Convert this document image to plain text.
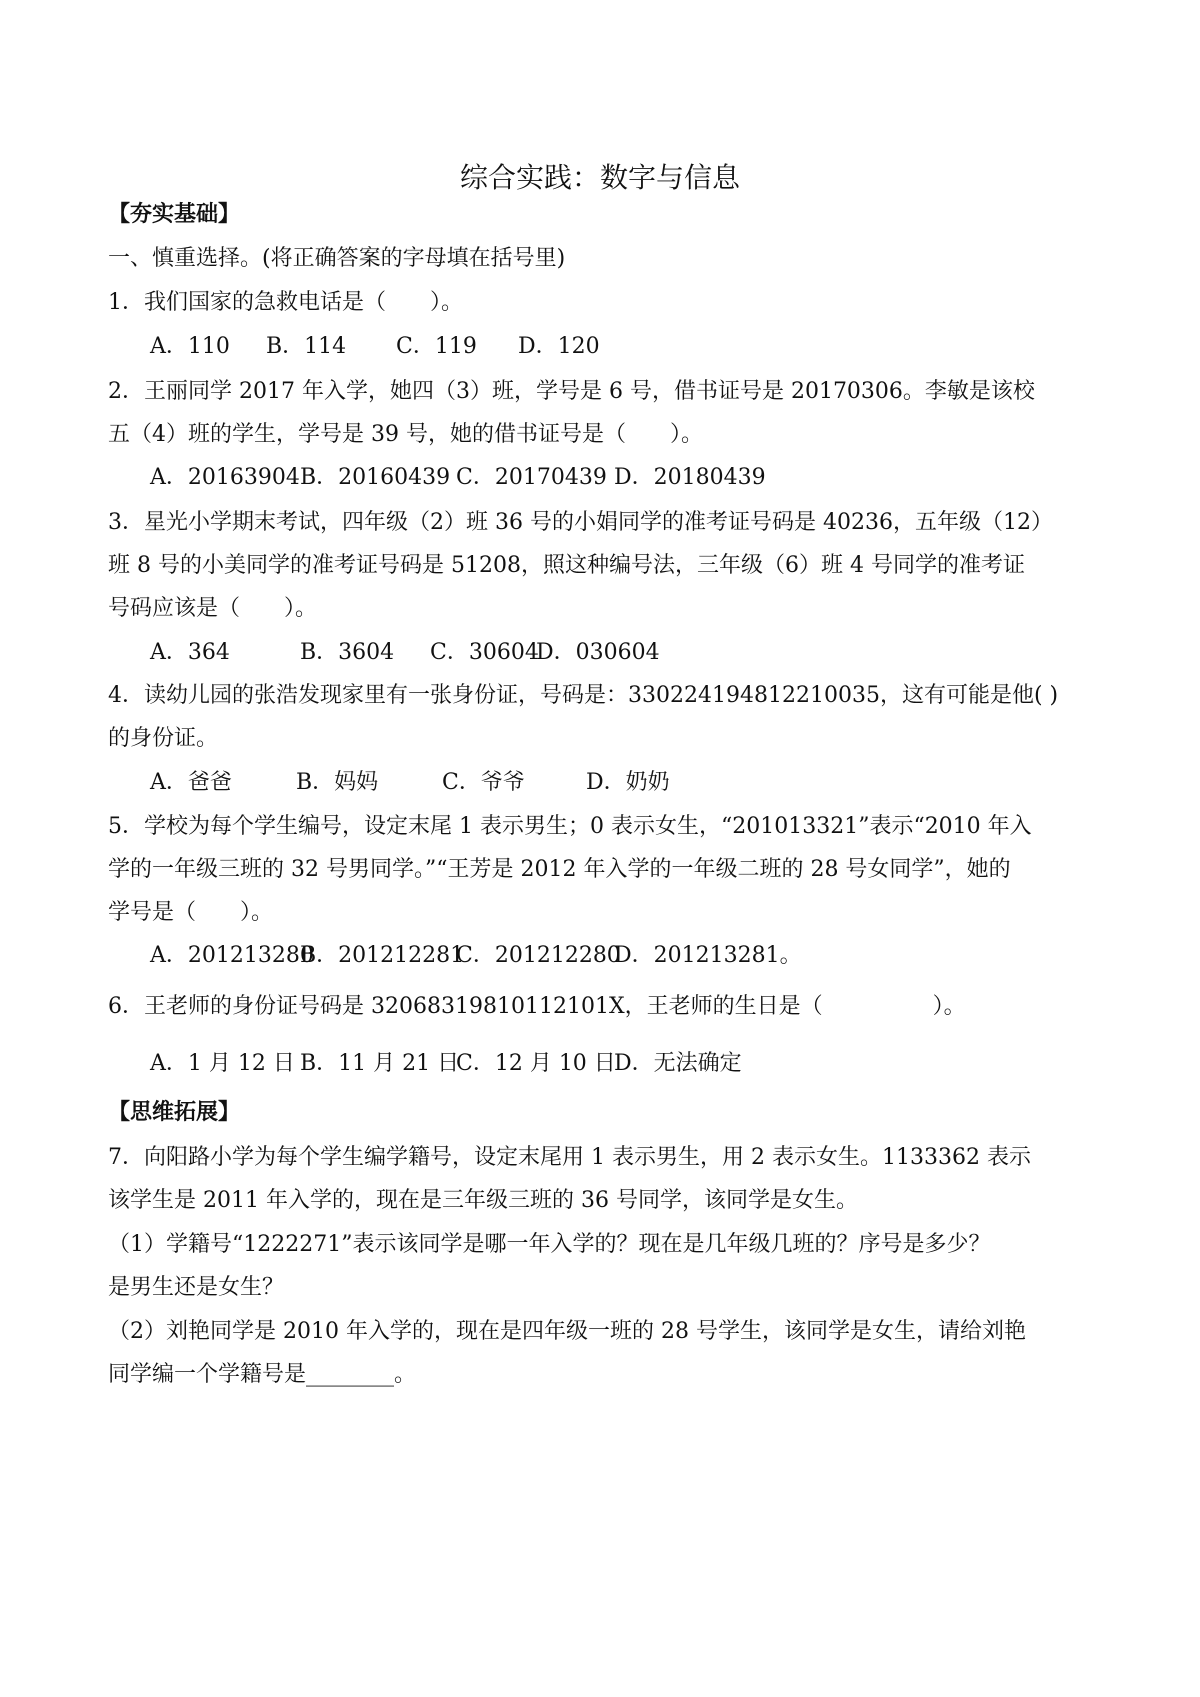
综合实践：数字与信息
【夯实基础】
一、慎重选择。(将正确答案的字母填在括号里)
1．我们国家的急救电话是（　　）。
A．110 B．114 C．119 D．120
2．王丽同学 2017 年入学，她四（3）班，学号是 6 号，借书证号是 20170306。李敏是该校
五（4）班的学生，学号是 39 号，她的借书证号是（　　）。
A．20163904 B．20160439 C．20170439 D．20180439
3．星光小学期末考试，四年级（2）班 36 号的小娟同学的准考证号码是 40236，五年级（12）
班 8 号的小美同学的准考证号码是 51208，照这种编号法，三年级（6）班 4 号同学的准考证
号码应该是（　　）。
A．364	B．3604 C．30604
D．030604
4．读幼儿园的张浩发现家里有一张身份证，号码是：330224194812210035，这有可能是他( )
的身份证。
A．爸爸	B．妈妈	C．爷爷	D．奶奶
5．学校为每个学生编号，设定末尾 1 表示男生；0 表示女生，“201013321”表示“2010 年入
学的一年级三班的 32 号男同学。”“王芳是 2012 年入学的一年级二班的 28 号女同学”，她的
学号是（　　）。
A．201213280
B．201212281
C．201212280
D．201213281。
6．王老师的身份证号码是 32068319810112101X，王老师的生日是（　　　　　）。
A．1 月 12 日 B．11 月 21 日
C．12 月 10 日
D．无法确定
【思维拓展】
7．向阳路小学为每个学生编学籍号，设定末尾用 1 表示男生，用 2 表示女生。1133362 表示
该学生是 2011 年入学的，现在是三年级三班的 36 号同学，该同学是女生。
（1）学籍号“1222271”表示该同学是哪一年入学的？现在是几年级几班的？序号是多少？
是男生还是女生？
（2）刘艳同学是 2010 年入学的，现在是四年级一班的 28 号学生，该同学是女生，请给刘艳
同学编一个学籍号是________。
